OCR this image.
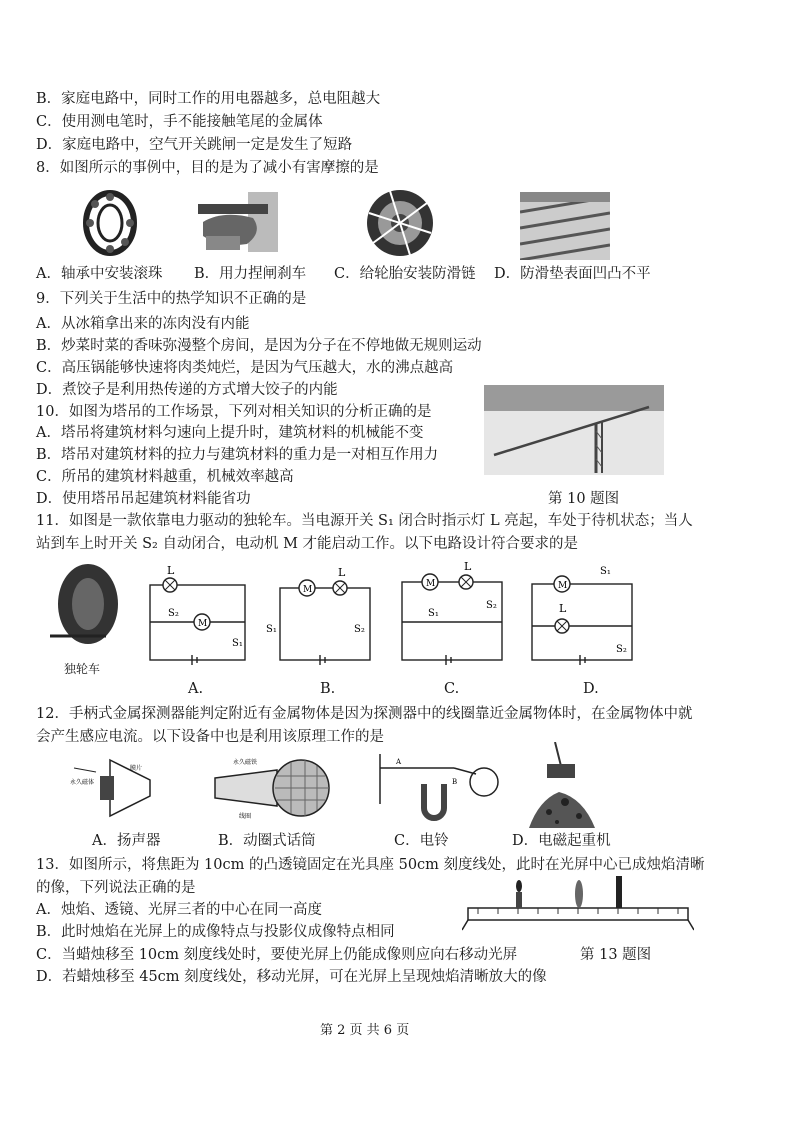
B．家庭电路中，同时工作的用电器越多，总电阻越大
C．使用测电笔时，手不能接触笔尾的金属体
D．家庭电路中，空气开关跳闸一定是发生了短路
8．如图所示的事例中，目的是为了减小有害摩擦的是
A．轴承中安装滚珠 B．用力捏闸刹车 C．给轮胎安装防滑链 D．防滑垫表面凹凸不平
9．下列关于生活中的热学知识不正确的是
A．从冰箱拿出来的冻肉没有内能
B．炒菜时菜的香味弥漫整个房间，是因为分子在不停地做无规则运动
C．高压锅能够快速将肉类炖烂，是因为气压越大，水的沸点越高
D．煮饺子是利用热传递的方式增大饺子的内能
10．如图为塔吊的工作场景，下列对相关知识的分析正确的是
A．塔吊将建筑材料匀速向上提升时，建筑材料的机械能不变
B．塔吊对建筑材料的拉力与建筑材料的重力是一对相互作用力
C．所吊的建筑材料越重，机械效率越高
D．使用塔吊吊起建筑材料能省功	第 10 题图
11．如图是一款依靠电力驱动的独轮车。当电源开关 S₁ 闭合时指示灯 L 亮起，车处于待机状态；当人
站到车上时开关 S₂ 自动闭合，电动机 M 才能启动工作。以下电路设计符合要求的是
独轮车
L
M
S₂
S₁
M
L
S₁	S₂
M
L
S₁
S₂
M
S₁
L
S₂
A.	B.	C.	D.
12．手柄式金属探测器能判定附近有金属物体是因为探测器中的线圈靠近金属物体时，在金属物体中就
会产生感应电流。以下设备中也是利用该原理工作的是
永久磁体
膜片
永久磁铁
线圈
A
B
A．扬声器	B．动圈式话筒	C．电铃	D．电磁起重机
13．如图所示，将焦距为 10cm 的凸透镜固定在光具座 50cm 刻度线处，此时在光屏中心已成烛焰清晰
的像，下列说法正确的是
A．烛焰、透镜、光屏三者的中心在同一高度
B．此时烛焰在光屏上的成像特点与投影仪成像特点相同
C．当蜡烛移至 10cm 刻度线处时，要使光屏上仍能成像则应向右移动光屏
D．若蜡烛移至 45cm 刻度线处，移动光屏，可在光屏上呈现烛焰清晰放大的像
第 13 题图
第 2 页 共 6 页
